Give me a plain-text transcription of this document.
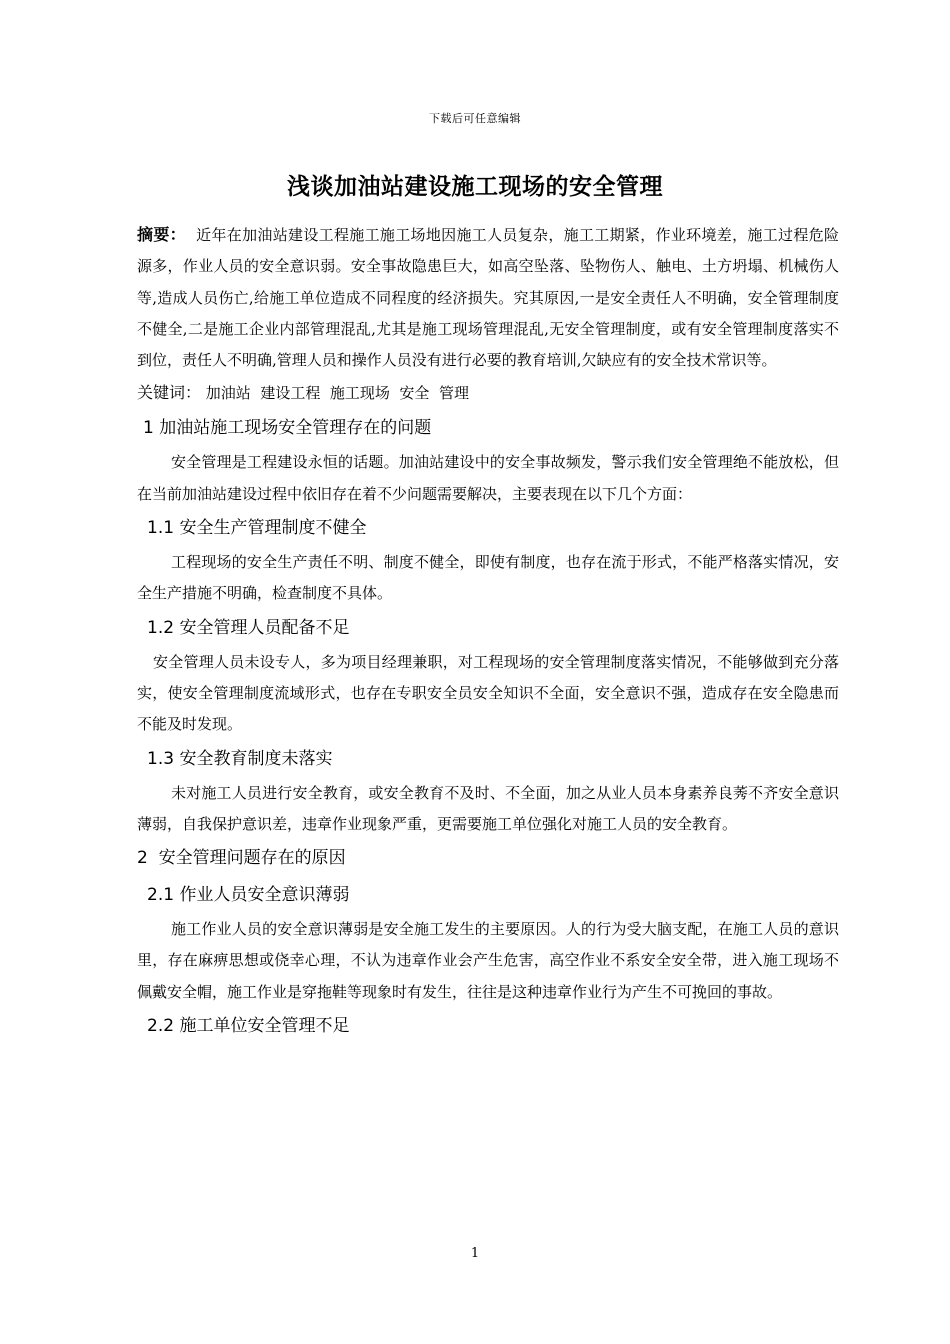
下载后可任意编辑
浅谈加油站建设施工现场的安全管理

摘要： 近年在加油站建设工程施工施工场地因施工人员复杂，施工工期紧，作业环境差，施工过程危险源多，作业人员的安全意识弱。安全事故隐患巨大，如高空坠落、坠物伤人、触电、土方坍塌、机械伤人等,造成人员伤亡,给施工单位造成不同程度的经济损失。究其原因,一是安全责任人不明确，安全管理制度不健全,二是施工企业内部管理混乱,尤其是施工现场管理混乱,无安全管理制度，或有安全管理制度落实不到位，责任人不明确,管理人员和操作人员没有进行必要的教育培训,欠缺应有的安全技术常识等。

关键词： 加油站  建设工程  施工现场  安全  管理

1 加油站施工现场安全管理存在的问题

安全管理是工程建设永恒的话题。加油站建设中的安全事故频发，警示我们安全管理绝不能放松，但在当前加油站建设过程中依旧存在着不少问题需要解决，主要表现在以下几个方面：

1.1 安全生产管理制度不健全

工程现场的安全生产责任不明、制度不健全，即使有制度，也存在流于形式，不能严格落实情况，安全生产措施不明确，检查制度不具体。

1.2 安全管理人员配备不足

安全管理人员未设专人，多为项目经理兼职，对工程现场的安全管理制度落实情况，不能够做到充分落实，使安全管理制度流域形式，也存在专职安全员安全知识不全面，安全意识不强，造成存在安全隐患而不能及时发现。

1.3 安全教育制度未落实

未对施工人员进行安全教育，或安全教育不及时、不全面，加之从业人员本身素养良莠不齐安全意识薄弱，自我保护意识差，违章作业现象严重，更需要施工单位强化对施工人员的安全教育。

2  安全管理问题存在的原因

2.1 作业人员安全意识薄弱

施工作业人员的安全意识薄弱是安全施工发生的主要原因。人的行为受大脑支配，在施工人员的意识里，存在麻痹思想或侥幸心理，不认为违章作业会产生危害，高空作业不系安全安全带，进入施工现场不佩戴安全帽，施工作业是穿拖鞋等现象时有发生，往往是这种违章作业行为产生不可挽回的事故。

2.2 施工单位安全管理不足

1
